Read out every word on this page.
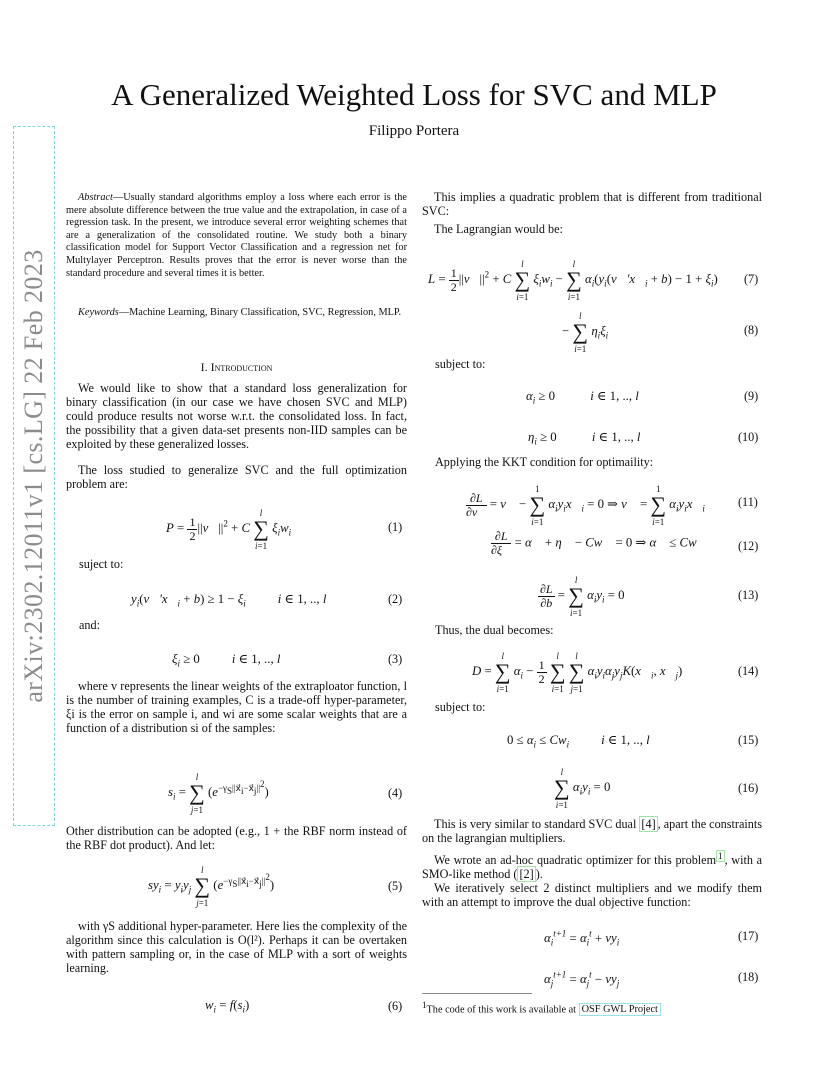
A Generalized Weighted Loss for SVC and MLP
Filippo Portera
arXiv:2302.12011v1 [cs.LG] 22 Feb 2023
Abstract—Usually standard algorithms employ a loss where each error is the mere absolute difference between the true value and the extrapolation, in case of a regression task. In the present, we introduce several error weighting schemes that are a generalization of the consolidated routine. We study both a binary classification model for Support Vector Classification and a regression net for Multylayer Perceptron. Results proves that the error is never worse than the standard procedure and several times it is better.
Keywords—Machine Learning, Binary Classification, SVC, Regression, MLP.
I. Introduction
We would like to show that a standard loss generalization for binary classification (in our case we have chosen SVC and MLP) could produce results not worse w.r.t. the consolidated loss. In fact, the possibility that a given data-set presents non-IID samples can be exploited by these generalized losses.
The loss studied to generalize SVC and the full optimization problem are:
$P = \frac{1}{2}$ $||v⃗||^2 + C$ l
∑
i=1 $\xi_iw_i$	(1)
suject to:
$y_i(v⃗'x⃗_i + b) \ge 1 - \xi_i$	i ∈ 1, .., l	(2)
and:
$\xi_i \ge 0$          i ∈ 1, .., l	(3)
where v represents the linear weights of the extraploator function, l is the number of training examples, C is a trade-off hyper-parameter, ξi is the error on sample i, and wi are some scalar weights that are a function of a distribution si of the samples:
$s_i = l$
∑
j=1 $(e^{-\gamma_S||x⃗_i-x⃗_j||^2})$	(4)
Other distribution can be adopted (e.g., 1 + the RBF norm instead of the RBF dot product). And let:
$sy_i = y_iy_j$ l
∑
j=1 $(e^{-\gamma_S||x⃗_i-x⃗_j||^2})$	(5)
with γS additional hyper-parameter. Here lies the complexity of the algorithm since this calculation is O(l²). Perhaps it can be overtaken with pattern sampling or, in the case of MLP with a sort of weights learning.
$w_i = f(s_i)$	(6)
This implies a quadratic problem that is different from traditional SVC:
The Lagrangian would be:
$L = \frac{1}{2}$ $||v⃗||^2 + C$ l
∑
i=1 $\xi_iw_i - l$
∑
i=1 $\alpha_i(y_i(v⃗'x⃗_i + b) - 1 + \xi_i)$ (7)
− l
∑
i=1 $\eta_i\xi_i$	(8)
subject to:
$\alpha_i \ge 0$           i ∈ 1, .., l	(9)
$\eta_i \ge 0$           i ∈ 1, .., l	(10)
Applying the KKT condition for optimaility:
$\frac{\partial L}{\partial v⃗}$ = v⃗ − 1
∑
i=1 $\alpha_iy_ix⃗_i = 0$ ⇒ v⃗ = 1
∑
i=1 $\alpha_iy_ix⃗_i$	(11)
$\frac{\partial L}{\partial\xi⃗}$ = α⃗ + η⃗ − Cw⃗ = 0 ⇒ α⃗ ≤ Cw⃗	(12)
$\frac{\partial L}{\partial b} = l$
∑
i=1 $\alpha_iy_i = 0$	(13)
Thus, the dual becomes:
D = l
∑
i=1 $\alpha_i - \frac{1}{2}$
l
∑
i=1 l
∑
j=1 $\alpha_iy_i\alpha_jy_jK(x⃗_i$, $x⃗_j$)	(14)
subject to:
$0 \le \alpha_i \le Cw_i$	i ∈ 1, .., l	(15)
l
∑
i=1 $\alpha_iy_i = 0$	(16)
This is very similar to standard SVC dual [4] , apart the constraints on the lagrangian multipliers.
We wrote an ad-hoc quadratic optimizer for this problem $^1$ , with a SMO-like method ( [2] ).
We iteratively select 2 distinct multipliers and we modify them with an attempt to improve the dual objective function:
$\alpha_i^{t+1} = \alpha_i^t + \nu y_i$	(17)
$\alpha_j^{t+1} = \alpha_j^t - \nu y_j$	(18)
$^1$The code of this work is available at OSF GWL Project
